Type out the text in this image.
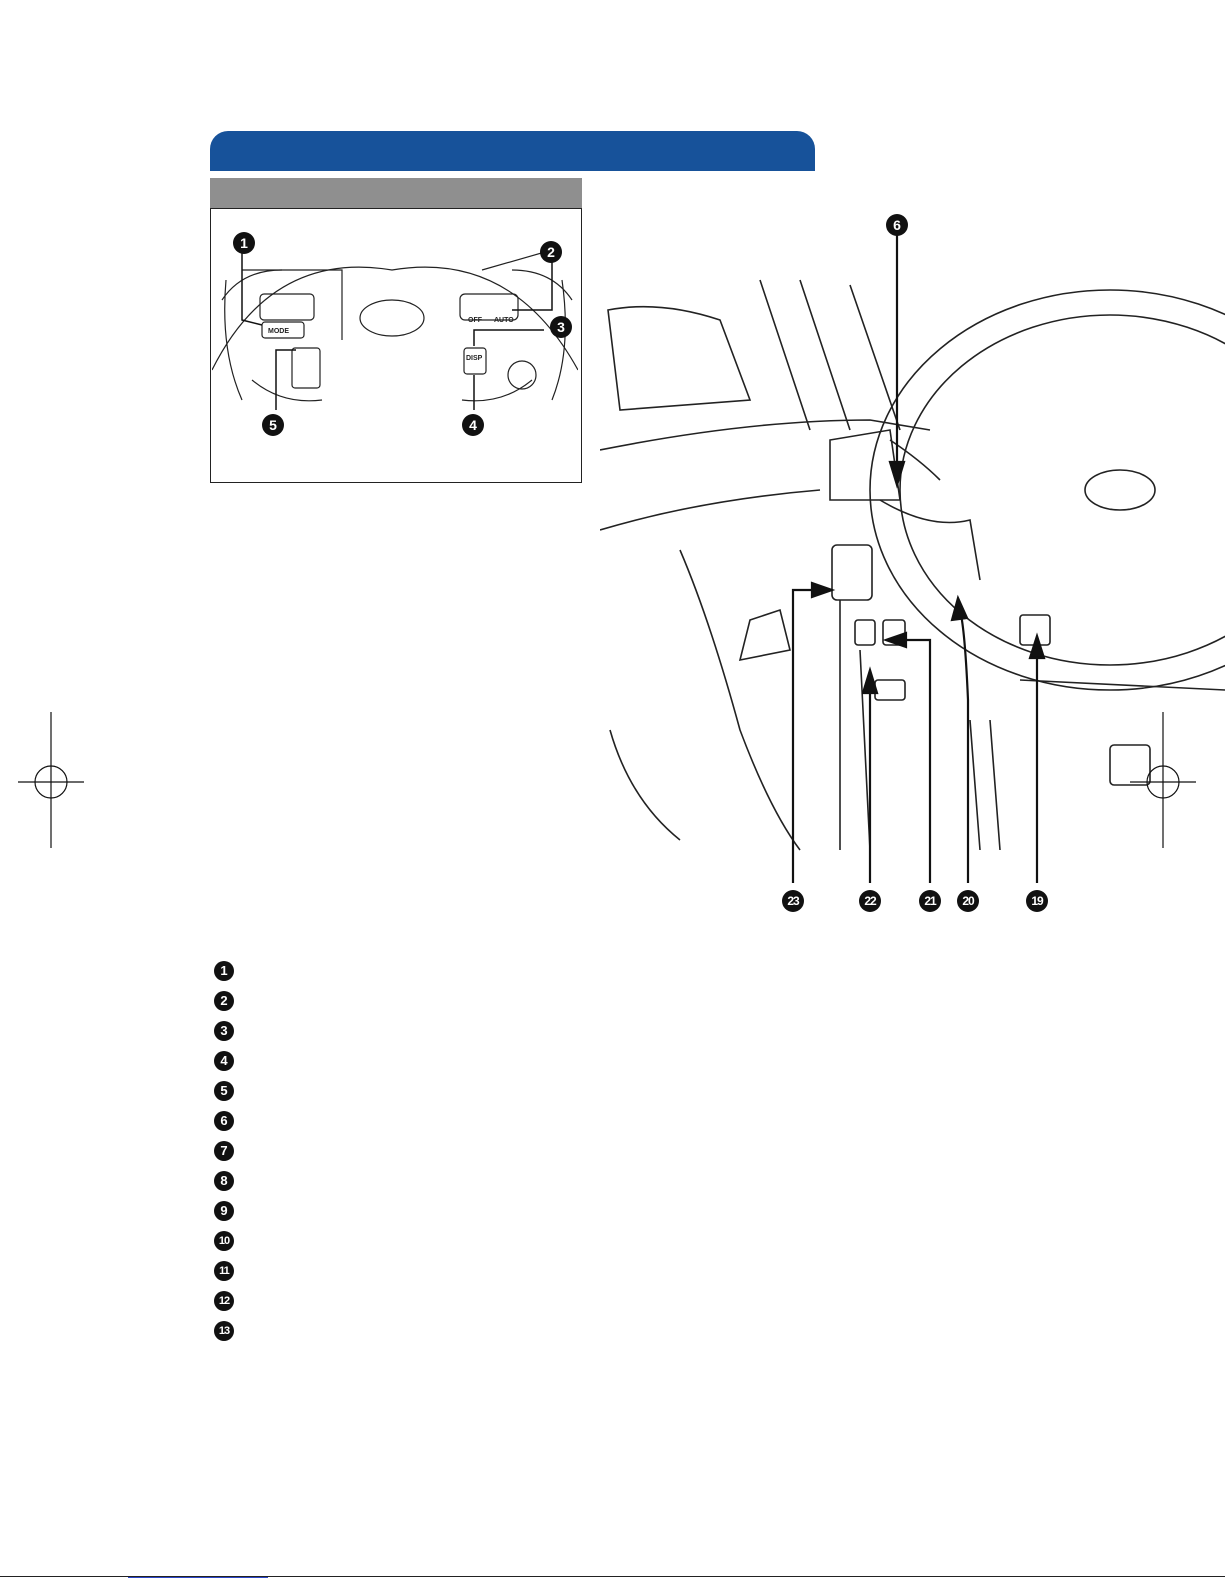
MODE
OFF AUTO
DISP
1
2
3
4
5
6
23	22	21	20	19
1
2
3
4
5
6
7
8
9
10
11
12
13
